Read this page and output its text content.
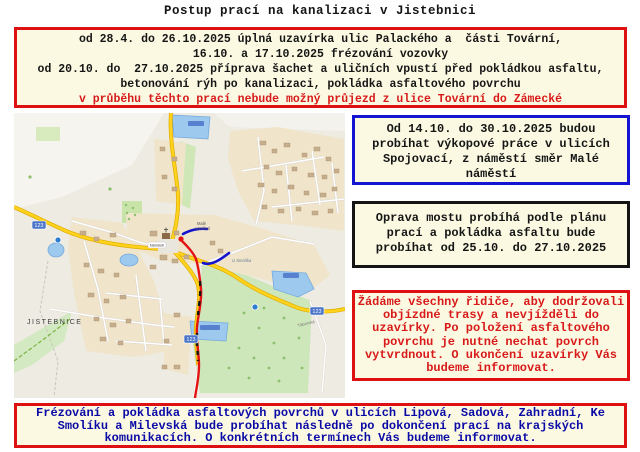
Postup prací na kanalizaci v Jistebnici
od 28.4. do 26.10.2025 úplná uzavírka ulic Palackého a  části Tovární,
16.10. a 17.10.2025 frézování vozovky
od 20.10. do  27.10.2025 příprava šachet a uličních vpustí před pokládkou asfaltu,
betonování rýh po kanalizaci, pokládka asfaltového povrchu
v průběhu těchto prací nebude možný průjezd z ulice Tovární do Zámecké
123
123
123
JISTEBNICE
Náměstí
Malé
náměstí
U Smolíka
Táborská
Od 14.10. do 30.10.2025 budou
probíhat výkopové práce v ulicích
Spojovací, z náměstí směr Malé
náměstí
Oprava mostu probíhá podle plánu
prací a pokládka asfaltu bude
probíhat od 25.10. do 27.10.2025
Žádáme všechny řidiče, aby dodržovali
objízdné trasy a nevjížděli do
uzavírky. Po položení asfaltového
povrchu je nutné nechat povrch
vytvrdnout. O ukončení uzavírky Vás
budeme informovat.
Frézování a pokládka asfaltových povrchů v ulicích Lipová, Sadová, Zahradní, Ke
Smolíku a Milevská bude probíhat následně po dokončení prací na krajských
komunikacích. O konkrétních termínech Vás budeme informovat.
